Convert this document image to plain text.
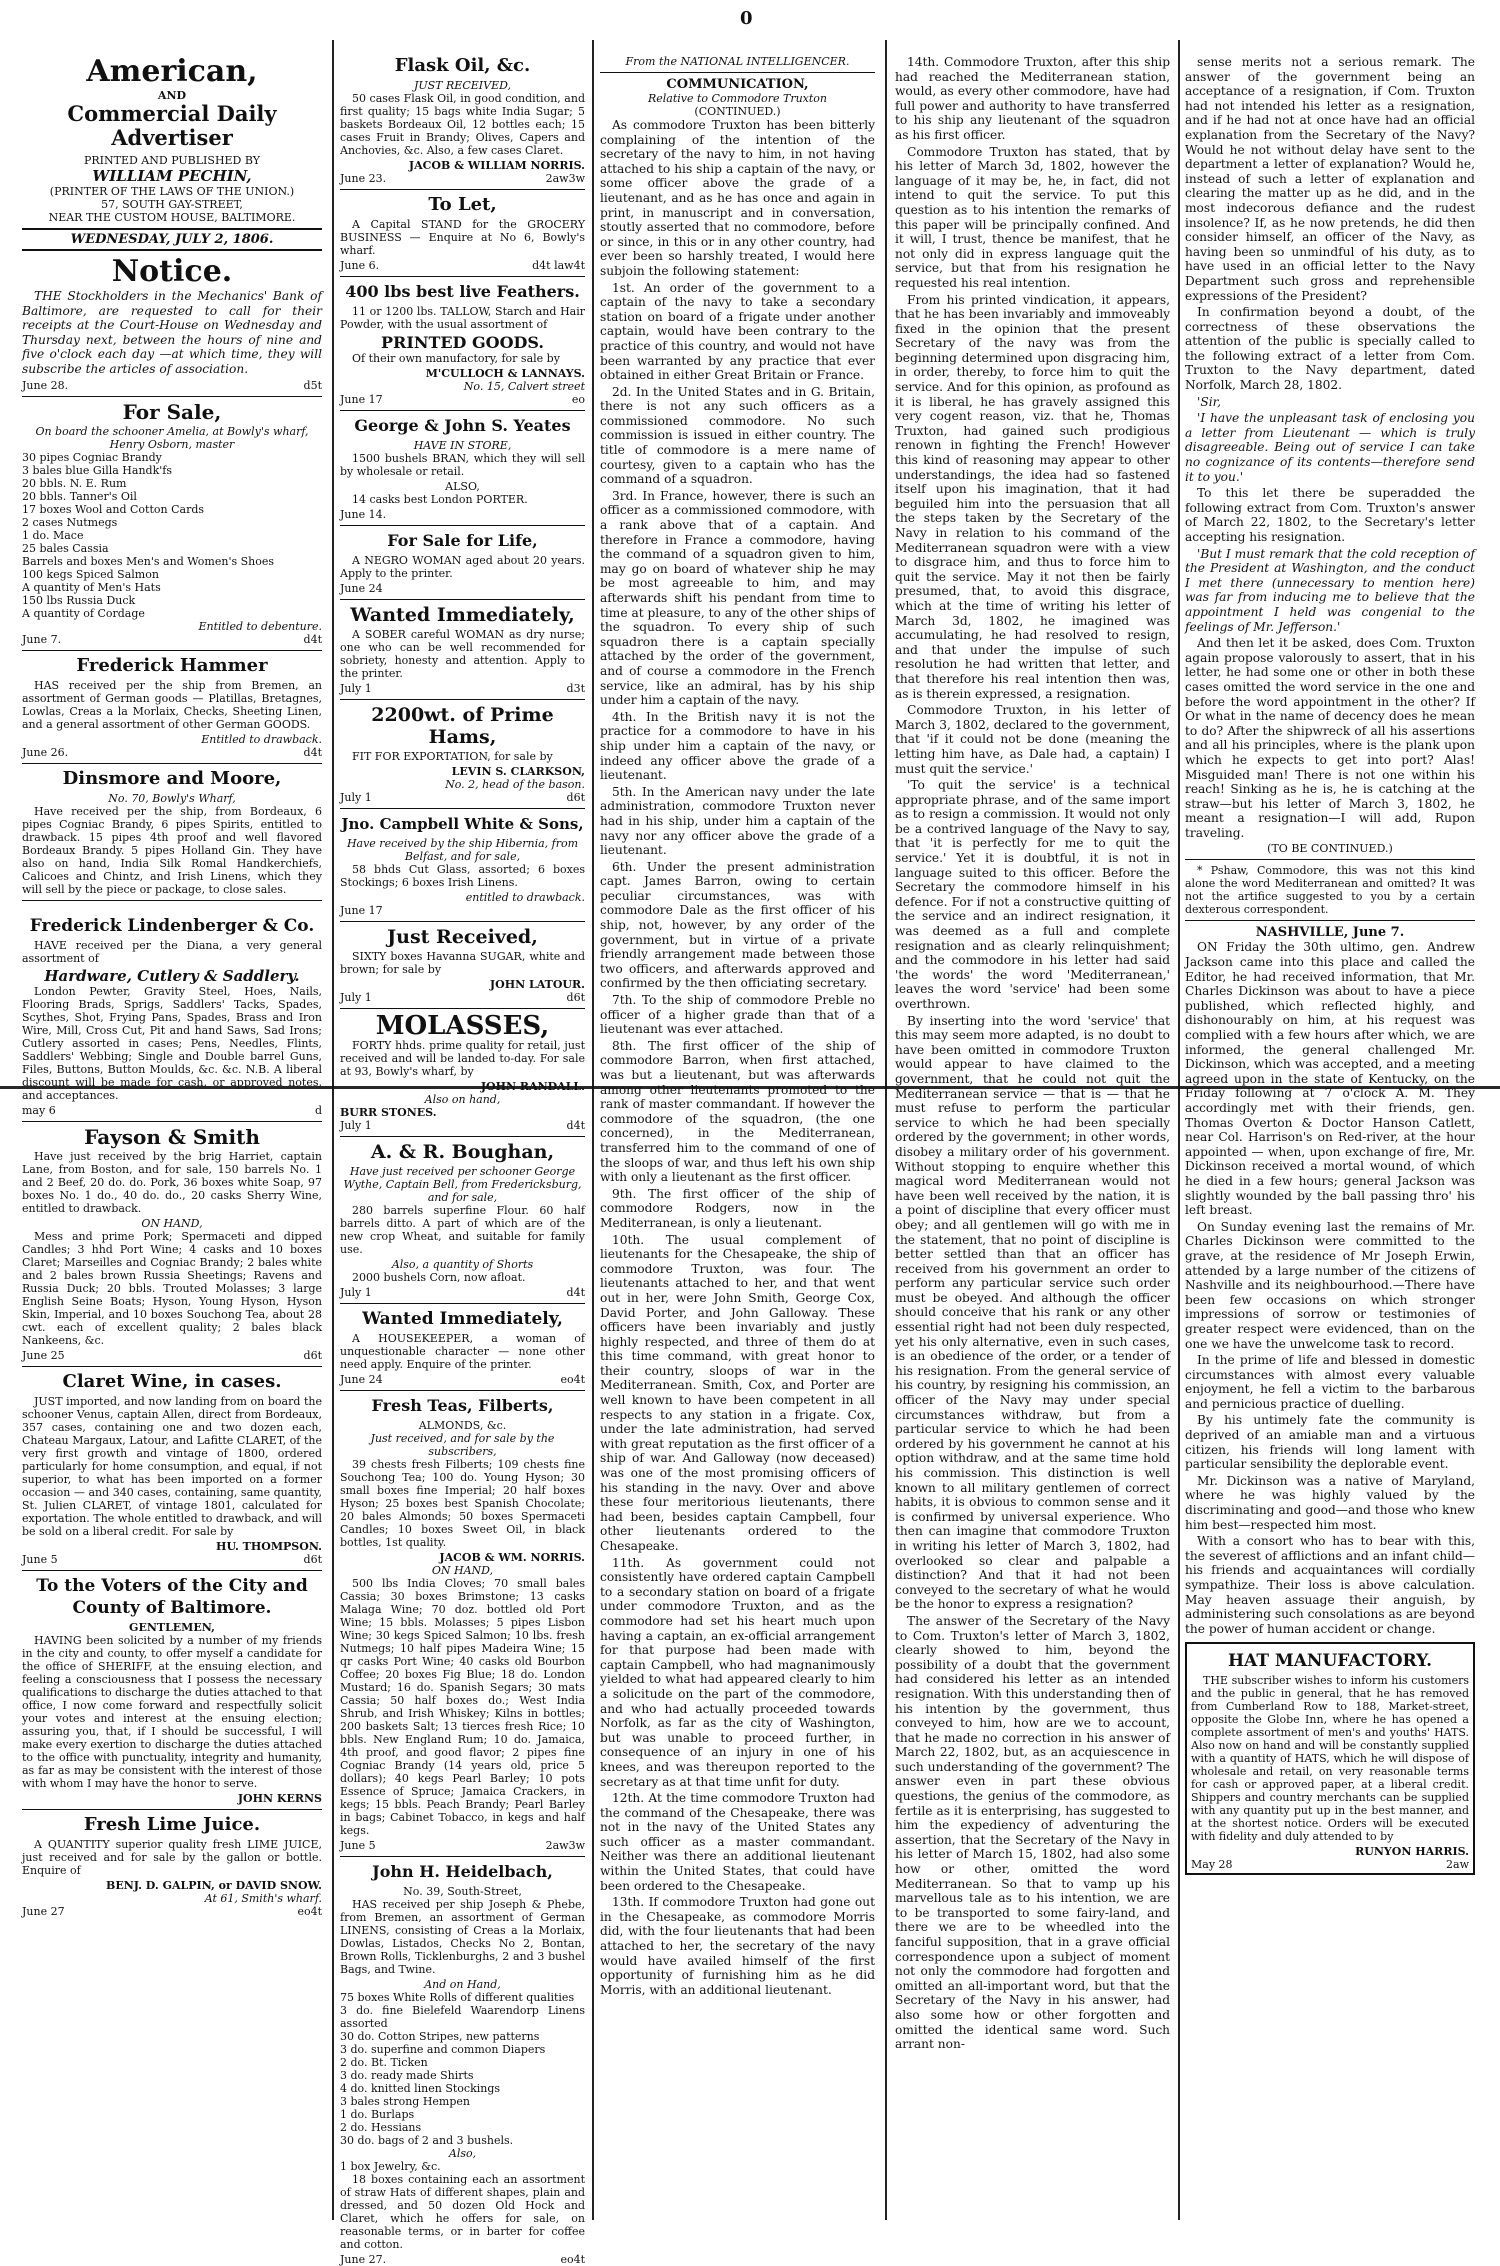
0
American,
AND
Commercial Daily Advertiser
PRINTED AND PUBLISHED BY
WILLIAM PECHIN,
(PRINTER OF THE LAWS OF THE UNION.)
57, SOUTH GAY-STREET,
NEAR THE CUSTOM HOUSE, BALTIMORE.
WEDNESDAY, JULY 2, 1806.
Notice.

THE Stockholders in the Mechanics' Bank of Baltimore, are requested to call for their receipts at the Court-House on Wednesday and Thursday next, between the hours of nine and five o'clock each day —at which time, they will subscribe the articles of association.

June 28.	d5t
For Sale,
On board the schooner Amelia, at Bowly's wharf, Henry Osborn, master
30 pipes Cogniac Brandy
3 bales blue Gilla Handk'fs
20 bbls. N. E. Rum
20 bbls. Tanner's Oil
17 boxes Wool and Cotton Cards
2 cases Nutmegs
1 do. Mace
25 bales Cassia
Barrels and boxes Men's and Women's Shoes
100 kegs Spiced Salmon
A quantity of Men's Hats
150 lbs Russia Duck
A quantity of Cordage
Entitled to debenture.
June 7.	d4t
Frederick Hammer

HAS received per the ship from Bremen, an assortment of German goods — Platillas, Bretagnes, Lowlas, Creas a la Morlaix, Checks, Sheeting Linen, and a general assortment of other German GOODS.

Entitled to drawback.
June 26.	d4t
Dinsmore and Moore,
No. 70, Bowly's Wharf,

Have received per the ship, from Bordeaux, 6 pipes Cogniac Brandy, 6 pipes Spirits, entitled to drawback. 15 pipes 4th proof and well flavored Bordeaux Brandy. 5 pipes Holland Gin. They have also on hand, India Silk Romal Handkerchiefs, Calicoes and Chintz, and Irish Linens, which they will sell by the piece or package, to close sales.

Frederick Lindenberger & Co.

HAVE received per the Diana, a very general assortment of

Hardware, Cutlery & Saddlery.

London Pewter, Gravity Steel, Hoes, Nails, Flooring Brads, Sprigs, Saddlers' Tacks, Spades, Scythes, Shot, Frying Pans, Spades, Brass and Iron Wire, Mill, Cross Cut, Pit and hand Saws, Sad Irons; Cutlery assorted in cases; Pens, Needles, Flints, Saddlers' Webbing; Single and Double barrel Guns, Files, Buttons, Button Moulds, &c. &c. N.B. A liberal discount will be made for cash, or approved notes, and acceptances.

may 6	d
Fayson & Smith

Have just received by the brig Harriet, captain Lane, from Boston, and for sale, 150 barrels No. 1 and 2 Beef, 20 do. do. Pork, 36 boxes white Soap, 97 boxes No. 1 do., 40 do. do., 20 casks Sherry Wine, entitled to drawback.

ON HAND,

Mess and prime Pork; Spermaceti and dipped Candles; 3 hhd Port Wine; 4 casks and 10 boxes Claret; Marseilles and Cogniac Brandy; 2 bales white and 2 bales brown Russia Sheetings; Ravens and Russia Duck; 20 bbls. Trouted Molasses; 3 large English Seine Boats; Hyson, Young Hyson, Hyson Skin, Imperial, and 10 boxes Souchong Tea, about 28 cwt. each of excellent quality; 2 bales black Nankeens, &c.

June 25	d6t
Claret Wine, in cases.

JUST imported, and now landing from on board the schooner Venus, captain Allen, direct from Bordeaux, 357 cases, containing one and two dozen each, Chateau Margaux, Latour, and Lafitte CLARET, of the very first growth and vintage of 1800, ordered particularly for home consumption, and equal, if not superior, to what has been imported on a former occasion — and 340 cases, containing, same quantity, St. Julien CLARET, of vintage 1801, calculated for exportation. The whole entitled to drawback, and will be sold on a liberal credit. For sale by

HU. THOMPSON.
June 5	d6t
To the Voters of the City and County of Baltimore.
GENTLEMEN,

HAVING been solicited by a number of my friends in the city and county, to offer myself a candidate for the office of SHERIFF, at the ensuing election, and feeling a consciousness that I possess the necessary qualifications to discharge the duties attached to that office, I now come forward and respectfully solicit your votes and interest at the ensuing election; assuring you, that, if I should be successful, I will make every exertion to discharge the duties attached to the office with punctuality, integrity and humanity, as far as may be consistent with the interest of those with whom I may have the honor to serve.

JOHN KERNS
Fresh Lime Juice.

A QUANTITY superior quality fresh LIME JUICE, just received and for sale by the gallon or bottle. Enquire of

BENJ. D. GALPIN, or DAVID SNOW.
At 61, Smith's wharf.
June 27	eo4t
Flask Oil, &c.
JUST RECEIVED,

50 cases Flask Oil, in good condition, and first quality; 15 bags white India Sugar; 5 baskets Bordeaux Oil, 12 bottles each; 15 cases Fruit in Brandy; Olives, Capers and Anchovies, &c. Also, a few cases Claret.

JACOB & WILLIAM NORRIS.
June 23.	2aw3w
To Let,

A Capital STAND for the GROCERY BUSINESS — Enquire at No 6, Bowly's wharf.

June 6.	d4t law4t
400 lbs best live Feathers.

11 or 1200 lbs. TALLOW, Starch and Hair Powder, with the usual assortment of

PRINTED GOODS.

Of their own manufactory, for sale by

M'CULLOCH & LANNAYS.
No. 15, Calvert street
June 17	eo
George & John S. Yeates
HAVE IN STORE,

1500 bushels BRAN, which they will sell by wholesale or retail.

ALSO,

14 casks best London PORTER.

June 14.
For Sale for Life,

A NEGRO WOMAN aged about 20 years. Apply to the printer.

June 24
Wanted Immediately,

A SOBER careful WOMAN as dry nurse; one who can be well recommended for sobriety, honesty and attention. Apply to the printer.

July 1	d3t
2200wt. of Prime Hams,

FIT FOR EXPORTATION, for sale by

LEVIN S. CLARKSON,
No. 2, head of the bason.
July 1	d6t
Jno. Campbell White & Sons,
Have received by the ship Hibernia, from Belfast, and for sale,

58 bhds Cut Glass, assorted; 6 boxes Stockings; 6 boxes Irish Linens.

entitled to drawback.
June 17
Just Received,

SIXTY boxes Havanna SUGAR, white and brown; for sale by

JOHN LATOUR.
July 1	d6t
MOLASSES,

FORTY hhds. prime quality for retail, just received and will be landed to-day. For sale at 93, Bowly's wharf, by

JOHN RANDALL.
Also on hand,
BURR STONES.
July 1	d4t
A. & R. Boughan,
Have just received per schooner George Wythe, Captain Bell, from Fredericksburg, and for sale,

280 barrels superfine Flour. 60 half barrels ditto. A part of which are of the new crop Wheat, and suitable for family use.

Also, a quantity of Shorts

2000 bushels Corn, now afloat.

July 1	d4t
Wanted Immediately,

A HOUSEKEEPER, a woman of unquestionable character — none other need apply. Enquire of the printer.

June 24	eo4t
Fresh Teas, Filberts,
ALMONDS, &c.
Just received, and for sale by the subscribers,

39 chests fresh Filberts; 109 chests fine Souchong Tea; 100 do. Young Hyson; 30 small boxes fine Imperial; 20 half boxes Hyson; 25 boxes best Spanish Chocolate; 20 bales Almonds; 50 boxes Spermaceti Candles; 10 boxes Sweet Oil, in black bottles, 1st quality.

JACOB & WM. NORRIS.
ON HAND,

500 lbs India Cloves; 70 small bales Cassia; 30 boxes Brimstone; 13 casks Malaga Wine; 70 doz. bottled old Port Wine; 15 bbls. Molasses; 5 pipes Lisbon Wine; 30 kegs Spiced Salmon; 10 lbs. fresh Nutmegs; 10 half pipes Madeira Wine; 15 qr casks Port Wine; 40 casks old Bourbon Coffee; 20 boxes Fig Blue; 18 do. London Mustard; 16 do. Spanish Segars; 30 mats Cassia; 50 half boxes do.; West India Shrub, and Irish Whiskey; Kilns in bottles; 200 baskets Salt; 13 tierces fresh Rice; 10 bbls. New England Rum; 10 do. Jamaica, 4th proof, and good flavor; 2 pipes fine Cogniac Brandy (14 years old, price 5 dollars); 40 kegs Pearl Barley; 10 pots Essence of Spruce; Jamaica Crackers, in kegs; 15 bbls. Peach Brandy; Pearl Barley in bags; Cabinet Tobacco, in kegs and half kegs.

June 5	2aw3w
John H. Heidelbach,
No. 39, South-Street,

HAS received per ship Joseph & Phebe, from Bremen, an assortment of German LINENS, consisting of Creas a la Morlaix, Dowlas, Listados, Checks No 2, Bontan, Brown Rolls, Ticklenburghs, 2 and 3 bushel Bags, and Twine.

And on Hand,
75 boxes White Rolls of different qualities
3 do. fine Bielefeld Waarendorp Linens assorted
30 do. Cotton Stripes, new patterns
3 do. superfine and common Diapers
2 do. Bt. Ticken
3 do. ready made Shirts
4 do. knitted linen Stockings
3 bales strong Hempen
1 do. Burlaps
2 do. Hessians
30 do. bags of 2 and 3 bushels.
Also,
1 box Jewelry, &c.

18 boxes containing each an assortment of straw Hats of different shapes, plain and dressed, and 50 dozen Old Hock and Claret, which he offers for sale, on reasonable terms, or in barter for coffee and cotton.

June 27.	eo4t
From the NATIONAL INTELLIGENCER.
COMMUNICATION,
Relative to Commodore Truxton
(CONTINUED.)

As commodore Truxton has been bitterly complaining of the intention of the secretary of the navy to him, in not having attached to his ship a captain of the navy, or some officer above the grade of a lieutenant, and as he has once and again in print, in manuscript and in conversation, stoutly asserted that no commodore, before or since, in this or in any other country, had ever been so harshly treated, I would here subjoin the following statement:

1st. An order of the government to a captain of the navy to take a secondary station on board of a frigate under another captain, would have been contrary to the practice of this country, and would not have been warranted by any practice that ever obtained in either Great Britain or France.

2d. In the United States and in G. Britain, there is not any such officers as a commissioned commodore. No such commission is issued in either country. The title of commodore is a mere name of courtesy, given to a captain who has the command of a squadron.

3rd. In France, however, there is such an officer as a commissioned commodore, with a rank above that of a captain. And therefore in France a commodore, having the command of a squadron given to him, may go on board of whatever ship he may be most agreeable to him, and may afterwards shift his pendant from time to time at pleasure, to any of the other ships of the squadron. To every ship of such squadron there is a captain specially attached by the order of the government, and of course a commodore in the French service, like an admiral, has by his ship under him a captain of the navy.

4th. In the British navy it is not the practice for a commodore to have in his ship under him a captain of the navy, or indeed any officer above the grade of a lieutenant.

5th. In the American navy under the late administration, commodore Truxton never had in his ship, under him a captain of the navy nor any officer above the grade of a lieutenant.

6th. Under the present administration capt. James Barron, owing to certain peculiar circumstances, was with commodore Dale as the first officer of his ship, not, however, by any order of the government, but in virtue of a private friendly arrangement made between those two officers, and afterwards approved and confirmed by the then officiating secretary.

7th. To the ship of commodore Preble no officer of a higher grade than that of a lieutenant was ever attached.

8th. The first officer of the ship of commodore Barron, when first attached, was but a lieutenant, but was afterwards among other lieutenants promoted to the rank of master commandant. If however the commodore of the squadron, (the one concerned), in the Mediterranean, transferred him to the command of one of the sloops of war, and thus left his own ship with only a lieutenant as the first officer.

9th. The first officer of the ship of commodore Rodgers, now in the Mediterranean, is only a lieutenant.

10th. The usual complement of lieutenants for the Chesapeake, the ship of commodore Truxton, was four. The lieutenants attached to her, and that went out in her, were John Smith, George Cox, David Porter, and John Galloway. These officers have been invariably and justly highly respected, and three of them do at this time command, with great honor to their country, sloops of war in the Mediterranean. Smith, Cox, and Porter are well known to have been competent in all respects to any station in a frigate. Cox, under the late administration, had served with great reputation as the first officer of a ship of war. And Galloway (now deceased) was one of the most promising officers of his standing in the navy. Over and above these four meritorious lieutenants, there had been, besides captain Campbell, four other lieutenants ordered to the Chesapeake.

11th. As government could not consistently have ordered captain Campbell to a secondary station on board of a frigate under commodore Truxton, and as the commodore had set his heart much upon having a captain, an ex-official arrangement for that purpose had been made with captain Campbell, who had magnanimously yielded to what had appeared clearly to him a solicitude on the part of the commodore, and who had actually proceeded towards Norfolk, as far as the city of Washington, but was unable to proceed further, in consequence of an injury in one of his knees, and was thereupon reported to the secretary as at that time unfit for duty.

12th. At the time commodore Truxton had the command of the Chesapeake, there was not in the navy of the United States any such officer as a master commandant. Neither was there an additional lieutenant within the United States, that could have been ordered to the Chesapeake.

13th. If commodore Truxton had gone out in the Chesapeake, as commodore Morris did, with the four lieutenants that had been attached to her, the secretary of the navy would have availed himself of the first opportunity of furnishing him as he did Morris, with an additional lieutenant.

14th. Commodore Truxton, after this ship had reached the Mediterranean station, would, as every other commodore, have had full power and authority to have transferred to his ship any lieutenant of the squadron as his first officer.

Commodore Truxton has stated, that by his letter of March 3d, 1802, however the language of it may be, he, in fact, did not intend to quit the service. To put this question as to his intention the remarks of this paper will be principally confined. And it will, I trust, thence be manifest, that he not only did in express language quit the service, but that from his resignation he requested his real intention.

From his printed vindication, it appears, that he has been invariably and immoveably fixed in the opinion that the present Secretary of the navy was from the beginning determined upon disgracing him, in order, thereby, to force him to quit the service. And for this opinion, as profound as it is liberal, he has gravely assigned this very cogent reason, viz. that he, Thomas Truxton, had gained such prodigious renown in fighting the French! However this kind of reasoning may appear to other understandings, the idea had so fastened itself upon his imagination, that it had beguiled him into the persuasion that all the steps taken by the Secretary of the Navy in relation to his command of the Mediterranean squadron were with a view to disgrace him, and thus to force him to quit the service. May it not then be fairly presumed, that, to avoid this disgrace, which at the time of writing his letter of March 3d, 1802, he imagined was accumulating, he had resolved to resign, and that under the impulse of such resolution he had written that letter, and that therefore his real intention then was, as is therein expressed, a resignation.

Commodore Truxton, in his letter of March 3, 1802, declared to the government, that 'if it could not be done (meaning the letting him have, as Dale had, a captain) I must quit the service.'

'To quit the service' is a technical appropriate phrase, and of the same import as to resign a commission. It would not only be a contrived language of the Navy to say, that 'it is perfectly for me to quit the service.' Yet it is doubtful, it is not in language suited to this officer. Before the Secretary the commodore himself in his defence. For if not a constructive quitting of the service and an indirect resignation, it was deemed as a full and complete resignation and as clearly relinquishment; and the commodore in his letter had said 'the words' the word 'Mediterranean,' leaves the word 'service' had been some overthrown.

By inserting into the word 'service' that this may seem more adapted, is no doubt to have been omitted in commodore Truxton would appear to have claimed to the government, that he could not quit the Mediterranean service — that is — that he must refuse to perform the particular service to which he had been specially ordered by the government; in other words, disobey a military order of his government. Without stopping to enquire whether this magical word Mediterranean would not have been well received by the nation, it is a point of discipline that every officer must obey; and all gentlemen will go with me in the statement, that no point of discipline is better settled than that an officer has received from his government an order to perform any particular service such order must be obeyed. And although the officer should conceive that his rank or any other essential right had not been duly respected, yet his only alternative, even in such cases, is an obedience of the order, or a tender of his resignation. From the general service of his country, by resigning his commission, an officer of the Navy may under special circumstances withdraw, but from a particular service to which he had been ordered by his government he cannot at his option withdraw, and at the same time hold his commission. This distinction is well known to all military gentlemen of correct habits, it is obvious to common sense and it is confirmed by universal experience. Who then can imagine that commodore Truxton in writing his letter of March 3, 1802, had overlooked so clear and palpable a distinction? And that it had not been conveyed to the secretary of what he would be the honor to express a resignation?

The answer of the Secretary of the Navy to Com. Truxton's letter of March 3, 1802, clearly showed to him, beyond the possibility of a doubt that the government had considered his letter as an intended resignation. With this understanding then of his intention by the government, thus conveyed to him, how are we to account, that he made no correction in his answer of March 22, 1802, but, as an acquiescence in such understanding of the government? The answer even in part these obvious questions, the genius of the commodore, as fertile as it is enterprising, has suggested to him the expediency of adventuring the assertion, that the Secretary of the Navy in his letter of March 15, 1802, had also some how or other, omitted the word Mediterranean. So that to vamp up his marvellous tale as to his intention, we are to be transported to some fairy-land, and there we are to be wheedled into the fanciful supposition, that in a grave official correspondence upon a subject of moment not only the commodore had forgotten and omitted an all-important word, but that the Secretary of the Navy in his answer, had also some how or other forgotten and omitted the identical same word. Such arrant non-

sense merits not a serious remark. The answer of the government being an acceptance of a resignation, if Com. Truxton had not intended his letter as a resignation, and if he had not at once have had an official explanation from the Secretary of the Navy? Would he not without delay have sent to the department a letter of explanation? Would he, instead of such a letter of explanation and clearing the matter up as he did, and in the most indecorous defiance and the rudest insolence? If, as he now pretends, he did then consider himself, an officer of the Navy, as having been so unmindful of his duty, as to have used in an official letter to the Navy Department such gross and reprehensible expressions of the President?

In confirmation beyond a doubt, of the correctness of these observations the attention of the public is specially called to the following extract of a letter from Com. Truxton to the Navy department, dated Norfolk, March 28, 1802.

'Sir,

'I have the unpleasant task of enclosing you a letter from Lieutenant — which is truly disagreeable. Being out of service I can take no cognizance of its contents—therefore send it to you.'

To this let there be superadded the following extract from Com. Truxton's answer of March 22, 1802, to the Secretary's letter accepting his resignation.

'But I must remark that the cold reception of the President at Washington, and the conduct I met there (unnecessary to mention here) was far from inducing me to believe that the appointment I held was congenial to the feelings of Mr. Jefferson.'

And then let it be asked, does Com. Truxton again propose valorously to assert, that in his letter, he had some one or other in both these cases omitted the word service in the one and before the word appointment in the other? If Or what in the name of decency does he mean to do? After the shipwreck of all his assertions and all his principles, where is the plank upon which he expects to get into port? Alas! Misguided man! There is not one within his reach! Sinking as he is, he is catching at the straw—but his letter of March 3, 1802, he meant a resignation—I will add, Rupon traveling.

(TO BE CONTINUED.)

* Pshaw, Commodore, this was not this kind alone the word Mediterranean and omitted? It was not the artifice suggested to you by a certain dexterous correspondent.

NASHVILLE, June 7.

ON Friday the 30th ultimo, gen. Andrew Jackson came into this place and called the Editor, he had received information, that Mr. Charles Dickinson was about to have a piece published, which reflected highly, and dishonourably on him, at his request was complied with a few hours after which, we are informed, the general challenged Mr. Dickinson, which was accepted, and a meeting agreed upon in the state of Kentucky, on the Friday following at 7 o'clock A. M. They accordingly met with their friends, gen. Thomas Overton & Doctor Hanson Catlett, near Col. Harrison's on Red-river, at the hour appointed — when, upon exchange of fire, Mr. Dickinson received a mortal wound, of which he died in a few hours; general Jackson was slightly wounded by the ball passing thro' his left breast.

On Sunday evening last the remains of Mr. Charles Dickinson were committed to the grave, at the residence of Mr Joseph Erwin, attended by a large number of the citizens of Nashville and its neighbourhood.—There have been few occasions on which stronger impressions of sorrow or testimonies of greater respect were evidenced, than on the one we have the unwelcome task to record.

In the prime of life and blessed in domestic circumstances with almost every valuable enjoyment, he fell a victim to the barbarous and pernicious practice of duelling.

By his untimely fate the community is deprived of an amiable man and a virtuous citizen, his friends will long lament with particular sensibility the deplorable event.

Mr. Dickinson was a native of Maryland, where he was highly valued by the discriminating and good—and those who knew him best—respected him most.

With a consort who has to bear with this, the severest of afflictions and an infant child—his friends and acquaintances will cordially sympathize. Their loss is above calculation. May heaven assuage their anguish, by administering such consolations as are beyond the power of human accident or change.

HAT MANUFACTORY.

THE subscriber wishes to inform his customers and the public in general, that he has removed from Cumberland Row to 188, Market-street, opposite the Globe Inn, where he has opened a complete assortment of men's and youths' HATS. Also now on hand and will be constantly supplied with a quantity of HATS, which he will dispose of wholesale and retail, on very reasonable terms for cash or approved paper, at a liberal credit. Shippers and country merchants can be supplied with any quantity put up in the best manner, and at the shortest notice. Orders will be executed with fidelity and duly attended to by

RUNYON HARRIS.
May 28	2aw
